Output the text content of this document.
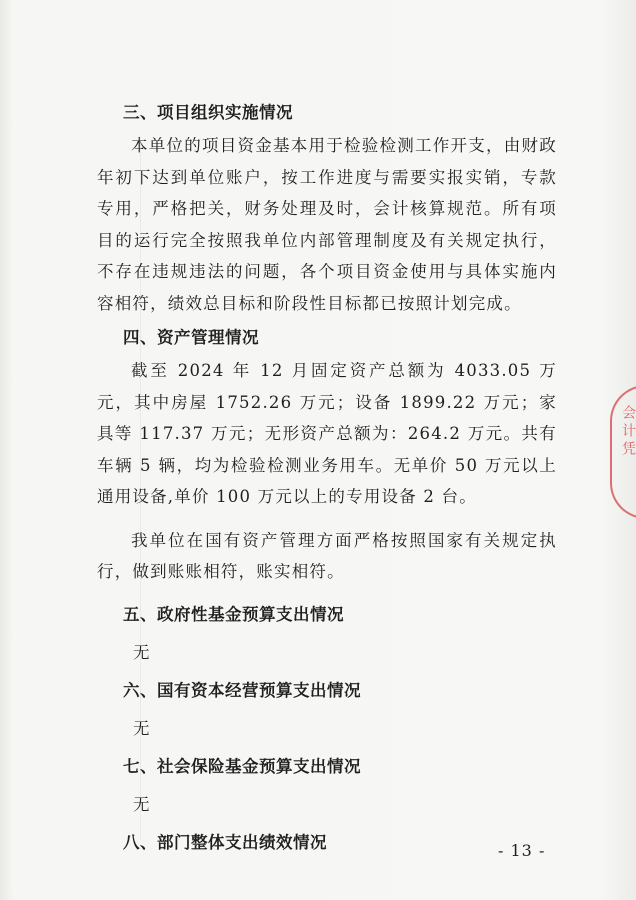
三、项目组织实施情况

本单位的项目资金基本用于检验检测工作开支，由财政年初下达到单位账户，按工作进度与需要实报实销，专款专用，严格把关，财务处理及时，会计核算规范。所有项目的运行完全按照我单位内部管理制度及有关规定执行，不存在违规违法的问题，各个项目资金使用与具体实施内容相符，绩效总目标和阶段性目标都已按照计划完成。

四、资产管理情况

截至 2024 年 12 月固定资产总额为 4033.05 万元，其中房屋 1752.26 万元；设备 1899.22 万元；家具等 117.37 万元；无形资产总额为：264.2 万元。共有车辆 5 辆，均为检验检测业务用车。无单价 50 万元以上通用设备,单价 100 万元以上的专用设备 2 台。

我单位在国有资产管理方面严格按照国家有关规定执行，做到账账相符，账实相符。

五、政府性基金预算支出情况

无

六、国有资本经营预算支出情况

无

七、社会保险基金预算支出情况

无

八、部门整体支出绩效情况
会计凭
- 13 -
